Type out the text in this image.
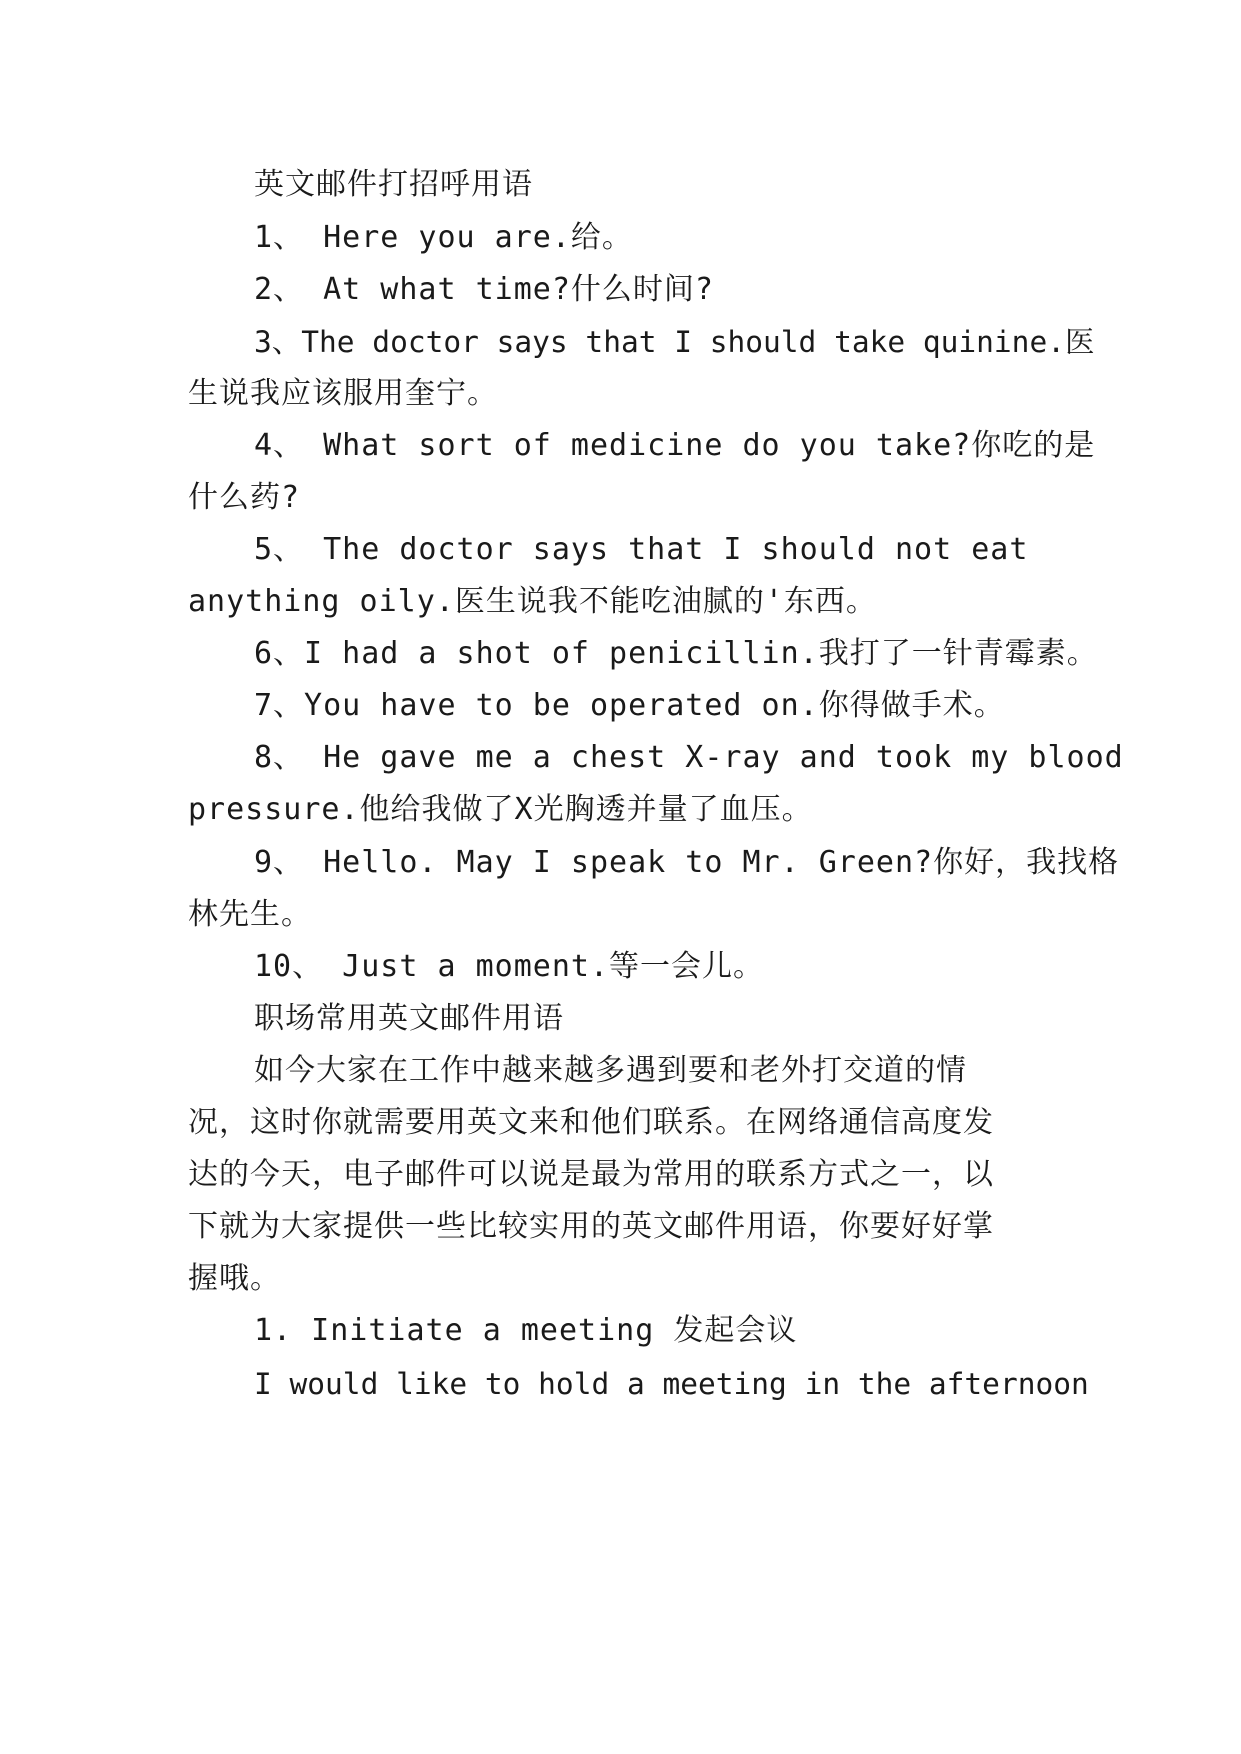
英文邮件打招呼用语
1、 Here you are.给。
2、 At what time?什么时间?
3、The doctor says that I should take quinine.医
生说我应该服用奎宁。
4、 What sort of medicine do you take?你吃的是
什么药?
5、 The doctor says that I should not eat
anything oily.医生说我不能吃油腻的'东西。
6、I had a shot of penicillin.我打了一针青霉素。
7、You have to be operated on.你得做手术。
8、 He gave me a chest X-ray and took my blood
pressure.他给我做了X光胸透并量了血压。
9、 Hello. May I speak to Mr. Green?你好，我找格
林先生。
10、 Just a moment.等一会儿。
职场常用英文邮件用语
如今大家在工作中越来越多遇到要和老外打交道的情
况，这时你就需要用英文来和他们联系。在网络通信高度发
达的今天，电子邮件可以说是最为常用的联系方式之一，以
下就为大家提供一些比较实用的英文邮件用语，你要好好掌
握哦。
1. Initiate a meeting 发起会议
I would like to hold a meeting in the afternoon
